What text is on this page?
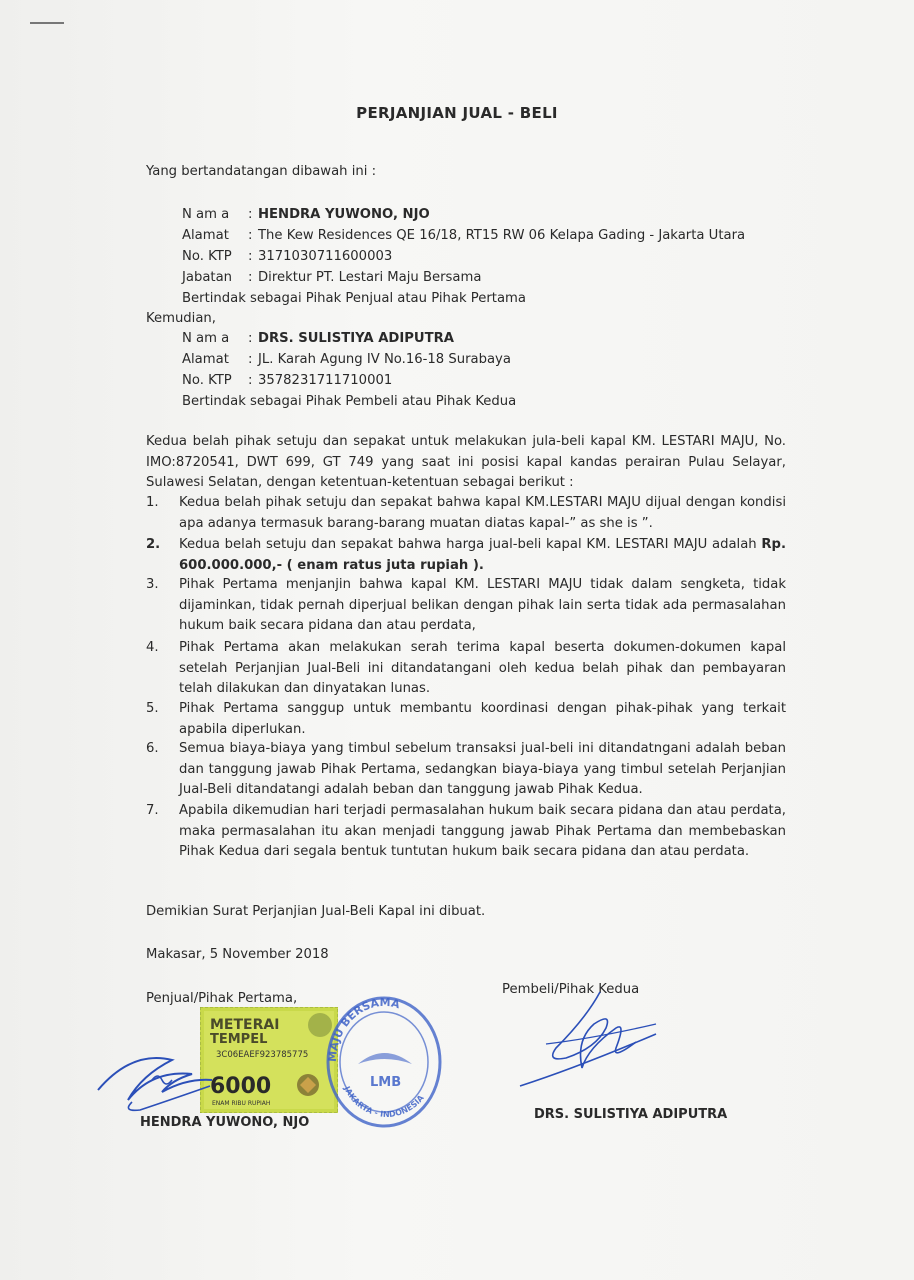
PERJANJIAN JUAL - BELI
Yang bertandatangan dibawah ini :
N am a : HENDRA YUWONO, NJO
Alamat : The Kew Residences QE 16/18, RT15 RW 06 Kelapa Gading - Jakarta Utara
No. KTP : 3171030711600003
Jabatan : Direktur PT. Lestari Maju Bersama
Bertindak sebagai Pihak Penjual atau Pihak Pertama
Kemudian,
N am a : DRS. SULISTIYA ADIPUTRA
Alamat : JL. Karah Agung IV No.16-18 Surabaya
No. KTP : 3578231711710001
Bertindak sebagai Pihak Pembeli atau Pihak Kedua
Kedua belah pihak setuju dan sepakat untuk melakukan jula-beli kapal KM. LESTARI MAJU, No. IMO:8720541, DWT 699, GT 749 yang saat ini posisi kapal kandas perairan Pulau Selayar, Sulawesi Selatan, dengan ketentuan-ketentuan sebagai berikut :
1.	Kedua belah pihak setuju dan sepakat bahwa kapal KM.LESTARI MAJU dijual dengan kondisi apa adanya termasuk barang-barang muatan diatas kapal-” as she is ”.
2.	Kedua belah setuju dan sepakat bahwa harga jual-beli kapal KM. LESTARI MAJU adalah Rp. 600.000.000,- ( enam ratus juta rupiah ).
3.	Pihak Pertama menjanjin bahwa kapal KM. LESTARI MAJU tidak dalam sengketa, tidak dijaminkan, tidak pernah diperjual belikan dengan pihak lain serta tidak ada permasalahan hukum baik secara pidana dan atau perdata,
4.	Pihak Pertama akan melakukan serah terima kapal beserta dokumen-dokumen kapal setelah Perjanjian Jual-Beli ini ditandatangani oleh kedua belah pihak dan pembayaran telah dilakukan dan dinyatakan lunas.
5.	Pihak Pertama sanggup untuk membantu koordinasi dengan pihak-pihak yang terkait apabila diperlukan.
6.	Semua biaya-biaya yang timbul sebelum transaksi jual-beli ini ditandatngani adalah beban dan tanggung jawab Pihak Pertama, sedangkan biaya-biaya yang timbul setelah Perjanjian Jual-Beli ditandatangi adalah beban dan tanggung jawab Pihak Kedua.
7.	Apabila dikemudian hari terjadi permasalahan hukum baik secara pidana dan atau perdata, maka permasalahan itu akan menjadi tanggung jawab Pihak Pertama dan membebaskan Pihak Kedua dari segala bentuk tuntutan hukum baik secara pidana dan atau perdata.
Demikian Surat Perjanjian Jual-Beli Kapal ini dibuat.
Makasar, 5 November 2018
Penjual/Pihak Pertama,
Pembeli/Pihak Kedua
METERAI
TEMPEL
3C06EAEF923785775
6000
ENAM RIBU RUPIAH
MAJU BERSAMA
JAKARTA - INDONESIA
LMB
HENDRA YUWONO, NJO
DRS. SULISTIYA ADIPUTRA
